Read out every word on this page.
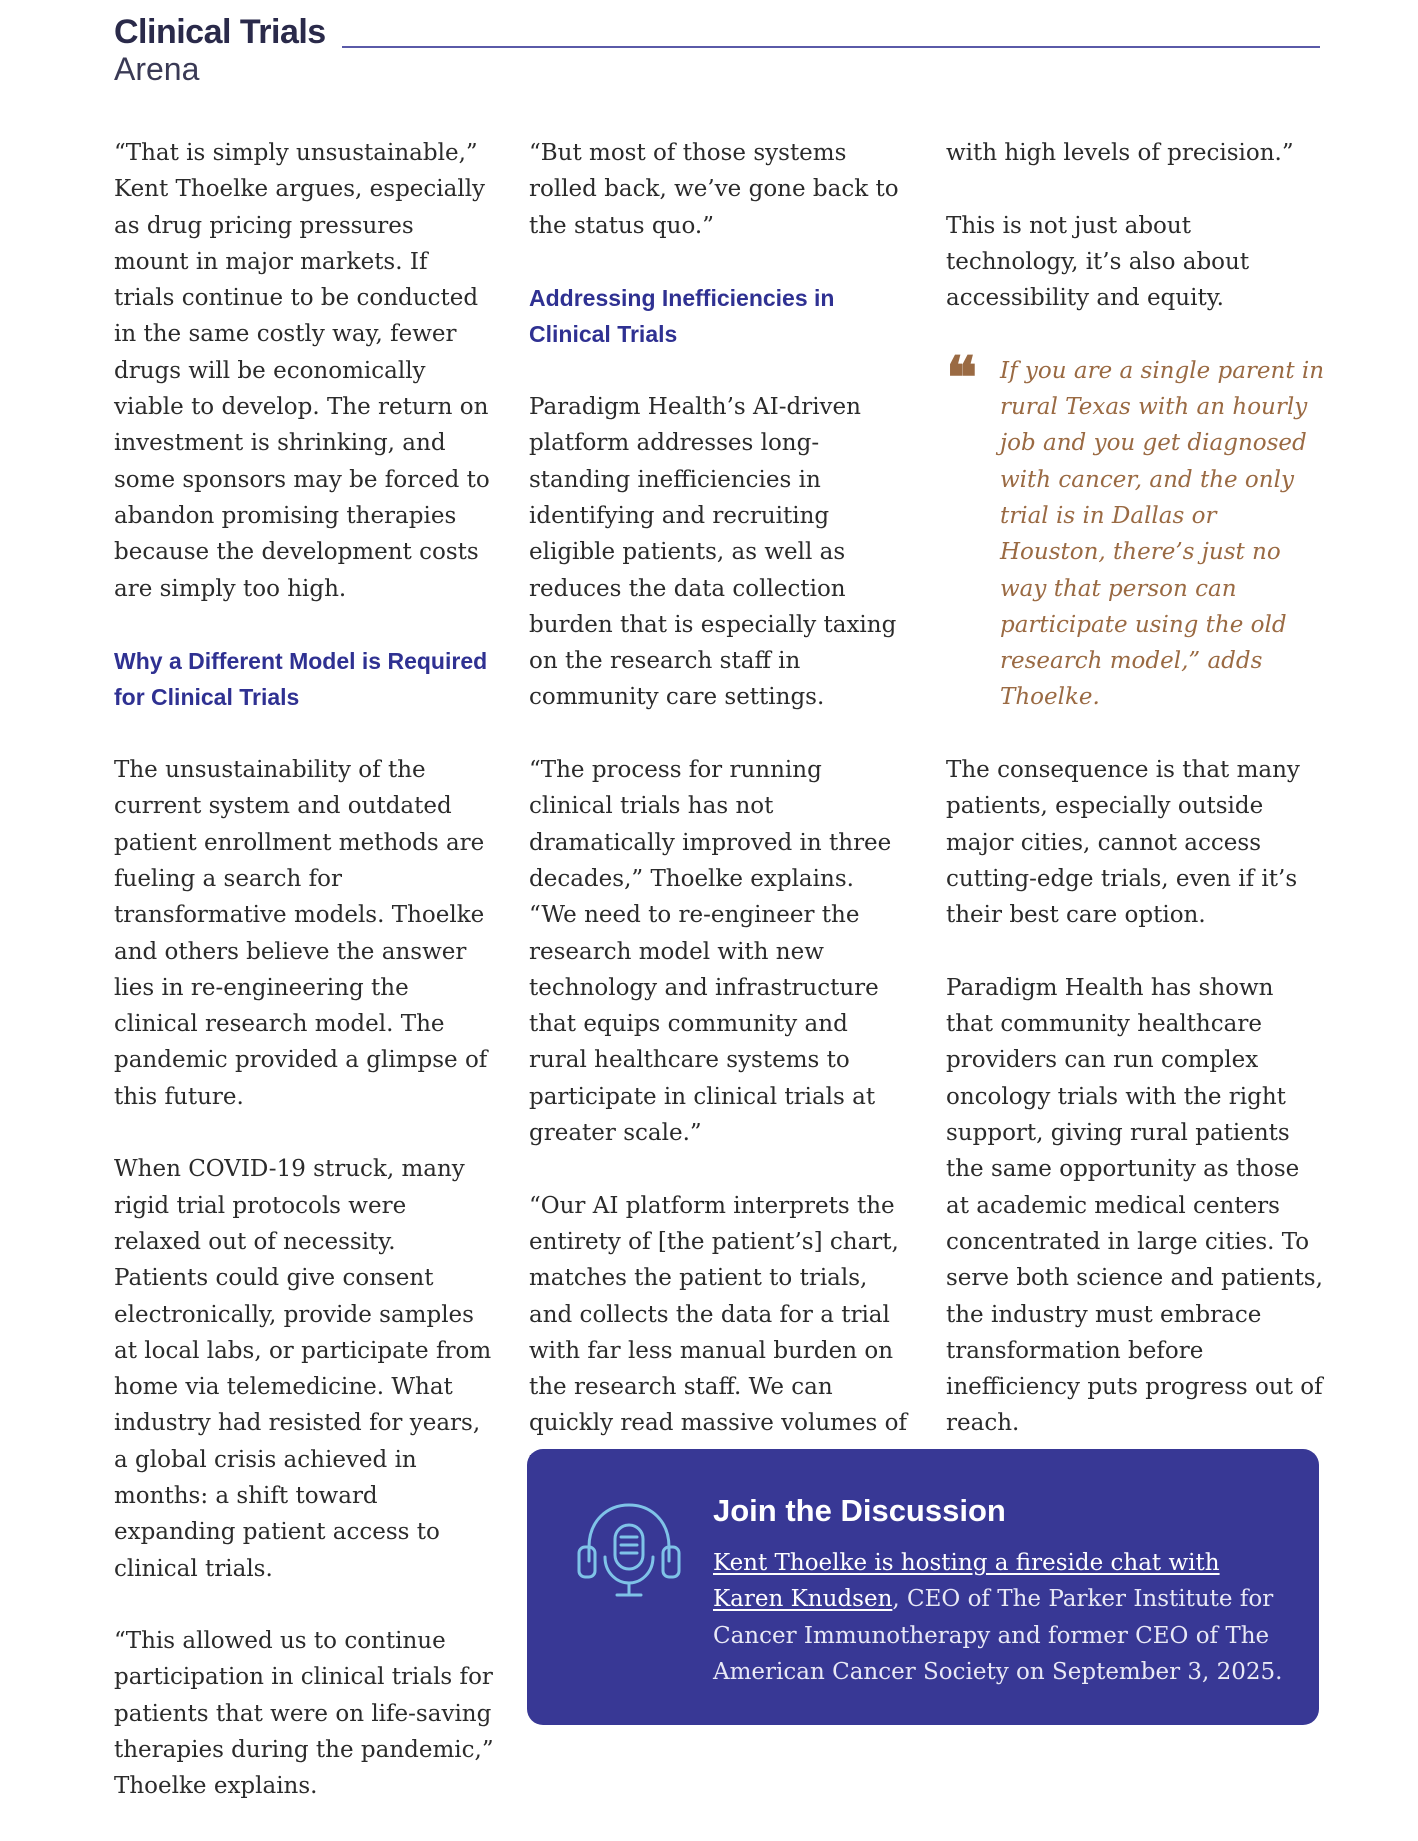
Clinical Trials
Arena

“That is simply unsustainable,” Kent Thoelke argues, especially as drug pricing pressures mount in major markets. If trials continue to be conducted in the same costly way, fewer drugs will be economically viable to develop. The return on investment is shrinking, and some sponsors may be forced to abandon promising therapies because the development costs are simply too high.

Why a Different Model is Required for Clinical Trials

The unsustainability of the current system and outdated patient enrollment methods are fueling a search for transformative models. Thoelke and others believe the answer lies in re-engineering the clinical research model. The pandemic provided a glimpse of this future.

When COVID-19 struck, many rigid trial protocols were relaxed out of necessity. Patients could give consent electronically, provide samples at local labs, or participate from home via telemedicine. What industry had resisted for years, a global crisis achieved in months: a shift toward expanding patient access to clinical trials.

“This allowed us to continue participation in clinical trials for patients that were on life-saving therapies during the pandemic,” Thoelke explains.

“But most of those systems rolled back, we’ve gone back to the status quo.”

Addressing Inefficiencies in Clinical Trials

Paradigm Health’s AI-driven platform addresses long-standing inefficiencies in identifying and recruiting eligible patients, as well as reduces the data collection burden that is especially taxing on the research staff in community care settings.

“The process for running clinical trials has not dramatically improved in three decades,” Thoelke explains. “We need to re-engineer the research model with new technology and infrastructure that equips community and rural healthcare systems to participate in clinical trials at greater scale.”

“Our AI platform interprets the entirety of [the patient’s] chart, matches the patient to trials, and collects the data for a trial with far less manual burden on the research staff. We can quickly read massive volumes of

with high levels of precision.”

This is not just about technology, it’s also about accessibility and equity.

❝ If you are a single parent in rural Texas with an hourly job and you get diagnosed with cancer, and the only trial is in Dallas or Houston, there’s just no way that person can participate using the old research model,” adds Thoelke.

The consequence is that many patients, especially outside major cities, cannot access cutting-edge trials, even if it’s their best care option.

Paradigm Health has shown that community healthcare providers can run complex oncology trials with the right support, giving rural patients the same opportunity as those at academic medical centers concentrated in large cities. To serve both science and patients, the industry must embrace transformation before inefficiency puts progress out of reach.

Join the Discussion
Kent Thoelke is hosting a fireside chat with Karen Knudsen, CEO of The Parker Institute for Cancer Immunotherapy and former CEO of The American Cancer Society on September 3, 2025.
